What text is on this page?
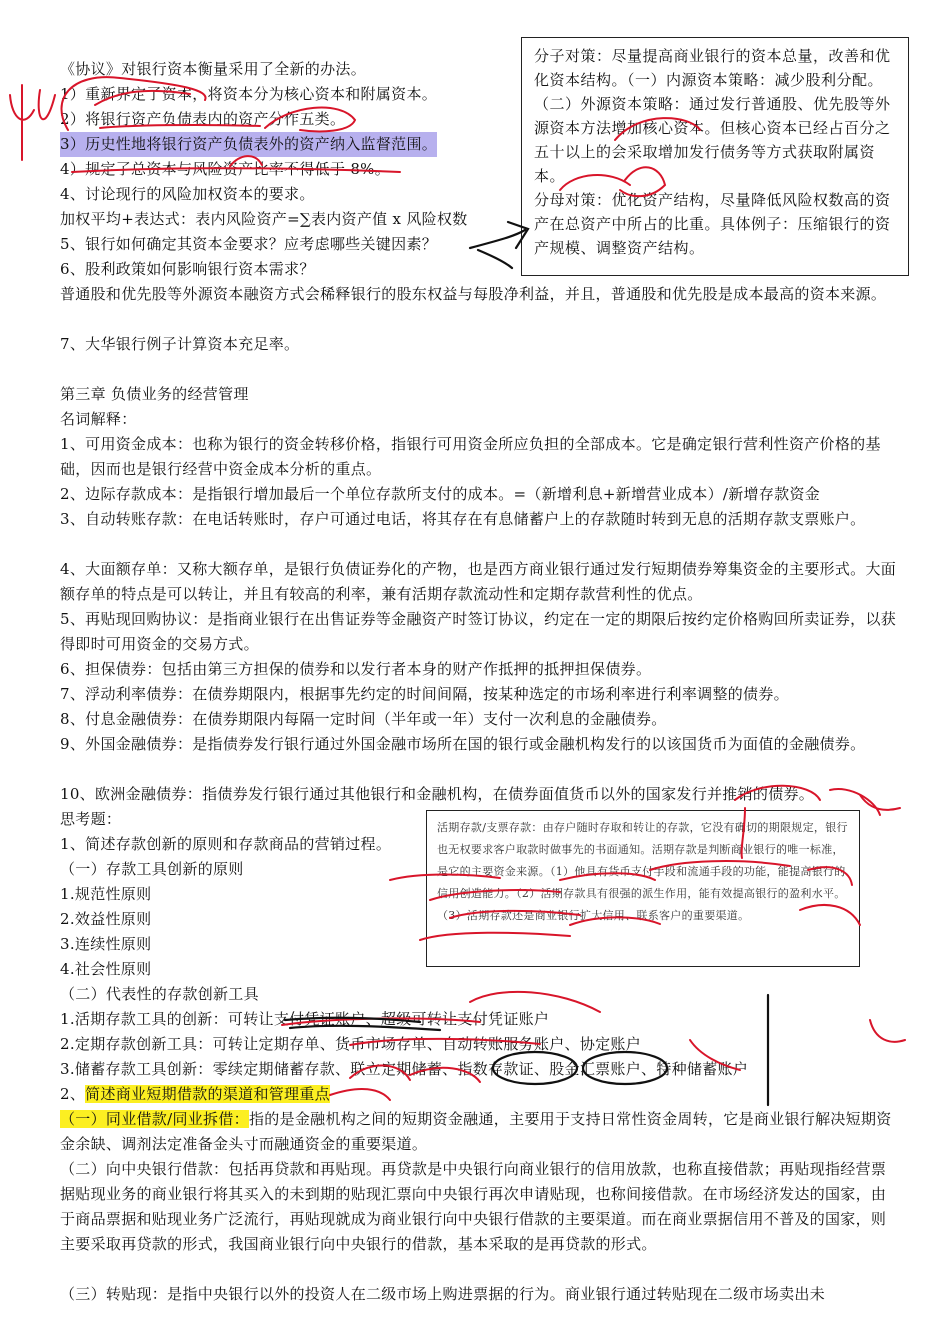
《协议》对银行资本衡量采用了全新的办法。
1）重新界定了资本，将资本分为核心资本和附属资本。
2）将银行资产负债表内的资产分作五类。
3）历史性地将银行资产负债表外的资产纳入监督范围。
4）规定了总资本与风险资产比率不得低于 8%。
4、讨论现行的风险加权资本的要求。
加权平均+表达式：表内风险资产=∑表内资产值 x 风险权数
5、银行如何确定其资本金要求？应考虑哪些关键因素？
6、股利政策如何影响银行资本需求？
普通股和优先股等外源资本融资方式会稀释银行的股东权益与每股净利益，并且，普通股和优先股是成本最高的资本来源。
7、大华银行例子计算资本充足率。
分子对策：尽量提高商业银行的资本总量，改善和优化资本结构。（一）内源资本策略：减少股利分配。（二）外源资本策略：通过发行普通股、优先股等外源资本方法增加核心资本。但核心资本已经占百分之五十以上的会采取增加发行债务等方式获取附属资本。
分母对策：优化资产结构，尽量降低风险权数高的资产在总资产中所占的比重。具体例子：压缩银行的资产规模、调整资产结构。
第三章 负债业务的经营管理
名词解释：
1、可用资金成本：也称为银行的资金转移价格，指银行可用资金所应负担的全部成本。它是确定银行营利性资产价格的基础，因而也是银行经营中资金成本分析的重点。
2、边际存款成本：是指银行增加最后一个单位存款所支付的成本。=（新增利息+新增营业成本）/新增存款资金
3、自动转账存款：在电话转账时，存户可通过电话，将其存在有息储蓄户上的存款随时转到无息的活期存款支票账户。
4、大面额存单：又称大额存单，是银行负债证券化的产物，也是西方商业银行通过发行短期债券筹集资金的主要形式。大面额存单的特点是可以转让，并且有较高的利率，兼有活期存款流动性和定期存款营利性的优点。
5、再贴现回购协议：是指商业银行在出售证券等金融资产时签订协议，约定在一定的期限后按约定价格购回所卖证券，以获得即时可用资金的交易方式。
6、担保债券：包括由第三方担保的债券和以发行者本身的财产作抵押的抵押担保债券。
7、浮动利率债券：在债券期限内，根据事先约定的时间间隔，按某种选定的市场利率进行利率调整的债券。
8、付息金融债券：在债券期限内每隔一定时间（半年或一年）支付一次利息的金融债券。
9、外国金融债券：是指债券发行银行通过外国金融市场所在国的银行或金融机构发行的以该国货币为面值的金融债券。
10、欧洲金融债券：指债券发行银行通过其他银行和金融机构，在债券面值货币以外的国家发行并推销的债券。
思考题：
1、简述存款创新的原则和存款商品的营销过程。
（一）存款工具创新的原则
1.规范性原则
2.效益性原则
3.连续性原则
4.社会性原则
（二）代表性的存款创新工具
1.活期存款工具的创新：可转让支付凭证账户、超级可转让支付凭证账户
2.定期存款创新工具：可转让定期存单、货币市场存单、自动转账服务账户、协定账户
3.储蓄存款工具创新：零续定期储蓄存款、联立定期储蓄、指数存款证、股金汇票账户、特种储蓄账户
2、简述商业短期借款的渠道和管理重点
活期存款/支票存款：由存户随时存取和转让的存款，它没有确切的期限规定，银行也无权要求客户取款时做事先的书面通知。活期存款是判断商业银行的唯一标准，是它的主要资金来源。（1）他具有货币支付手段和流通手段的功能，能提高银行的信用创造能力。（2）活期存款具有很强的派生作用，能有效提高银行的盈利水平。（3）活期存款还是商业银行扩大信用、联系客户的重要渠道。
（一）同业借款/同业拆借：指的是金融机构之间的短期资金融通，主要用于支持日常性资金周转，它是商业银行解决短期资金余缺、调剂法定准备金头寸而融通资金的重要渠道。
（二）向中央银行借款：包括再贷款和再贴现。再贷款是中央银行向商业银行的信用放款，也称直接借款；再贴现指经营票据贴现业务的商业银行将其买入的未到期的贴现汇票向中央银行再次申请贴现，也称间接借款。在市场经济发达的国家，由于商品票据和贴现业务广泛流行，再贴现就成为商业银行向中央银行借款的主要渠道。而在商业票据信用不普及的国家，则主要采取再贷款的形式，我国商业银行向中央银行的借款，基本采取的是再贷款的形式。
（三）转贴现：是指中央银行以外的投资人在二级市场上购进票据的行为。商业银行通过转贴现在二级市场卖出未
